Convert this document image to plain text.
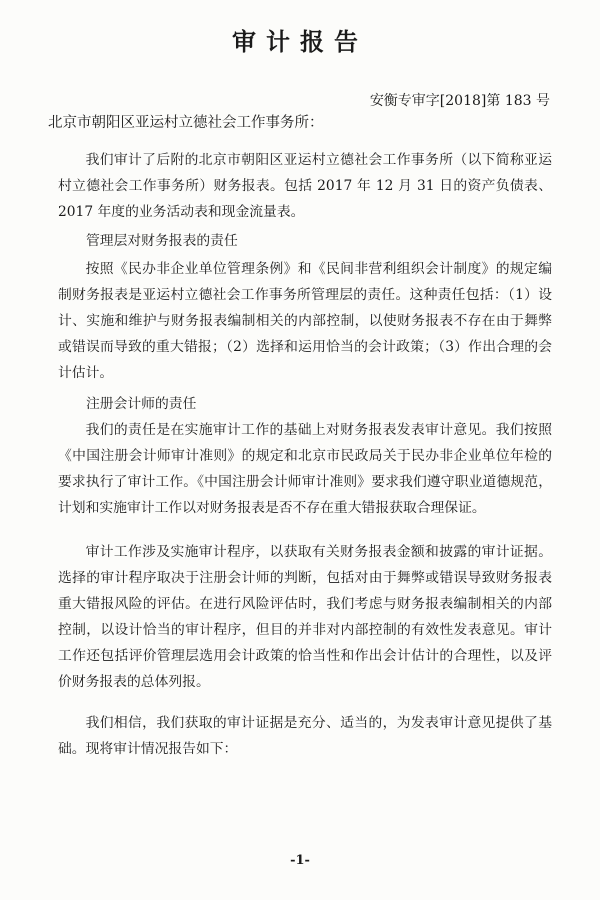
审计报告
安衡专审字[2018]第 183 号
北京市朝阳区亚运村立德社会工作事务所：

我们审计了后附的北京市朝阳区亚运村立德社会工作事务所（以下简称亚运村立德社会工作事务所）财务报表。包括 2017 年 12 月 31 日的资产负债表、2017 年度的业务活动表和现金流量表。

管理层对财务报表的责任

按照《民办非企业单位管理条例》和《民间非营利组织会计制度》的规定编制财务报表是亚运村立德社会工作事务所管理层的责任。这种责任包括：（1）设计、实施和维护与财务报表编制相关的内部控制，以使财务报表不存在由于舞弊或错误而导致的重大错报；（2）选择和运用恰当的会计政策；（3）作出合理的会计估计。

注册会计师的责任

我们的责任是在实施审计工作的基础上对财务报表发表审计意见。我们按照《中国注册会计师审计准则》的规定和北京市民政局关于民办非企业单位年检的要求执行了审计工作。《中国注册会计师审计准则》要求我们遵守职业道德规范，计划和实施审计工作以对财务报表是否不存在重大错报获取合理保证。

审计工作涉及实施审计程序，以获取有关财务报表金额和披露的审计证据。选择的审计程序取决于注册会计师的判断，包括对由于舞弊或错误导致财务报表重大错报风险的评估。在进行风险评估时，我们考虑与财务报表编制相关的内部控制，以设计恰当的审计程序，但目的并非对内部控制的有效性发表意见。审计工作还包括评价管理层选用会计政策的恰当性和作出会计估计的合理性，以及评价财务报表的总体列报。

我们相信，我们获取的审计证据是充分、适当的，为发表审计意见提供了基础。现将审计情况报告如下：

-1-
